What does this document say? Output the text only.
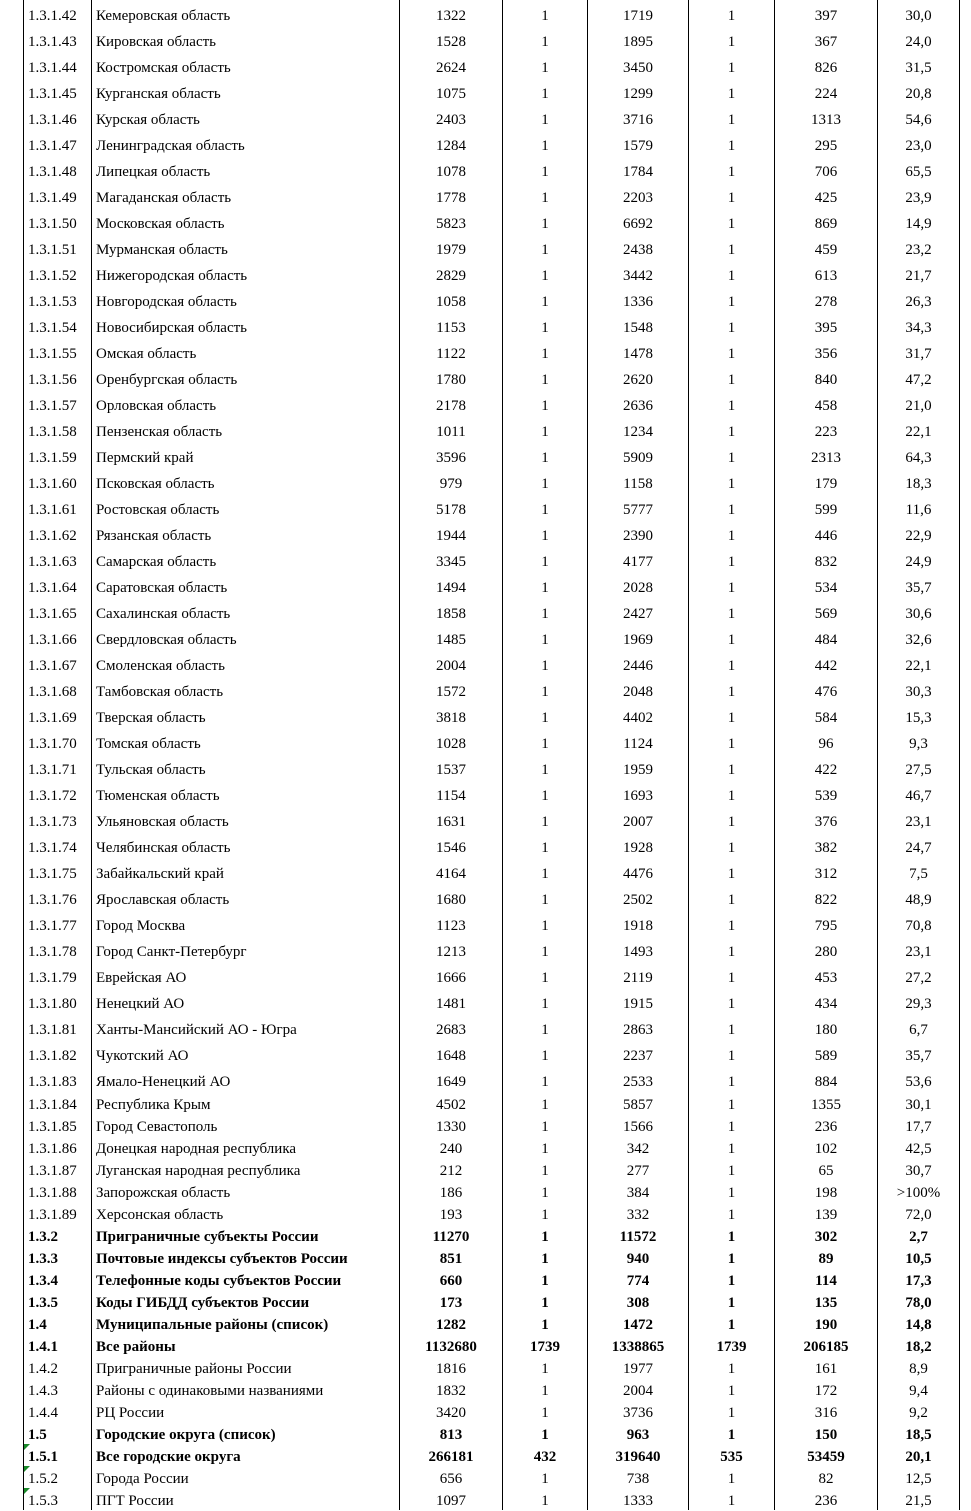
1.3.1.42	Кемеровская область	1322	1	1719	1	397	30,0
1.3.1.43	Кировская область	1528	1	1895	1	367	24,0
1.3.1.44	Костромская область	2624	1	3450	1	826	31,5
1.3.1.45	Курганская область	1075	1	1299	1	224	20,8
1.3.1.46	Курская область	2403	1	3716	1	1313	54,6
1.3.1.47	Ленинградская область	1284	1	1579	1	295	23,0
1.3.1.48	Липецкая область	1078	1	1784	1	706	65,5
1.3.1.49	Магаданская область	1778	1	2203	1	425	23,9
1.3.1.50	Московская область	5823	1	6692	1	869	14,9
1.3.1.51	Мурманская область	1979	1	2438	1	459	23,2
1.3.1.52	Нижегородская область	2829	1	3442	1	613	21,7
1.3.1.53	Новгородская область	1058	1	1336	1	278	26,3
1.3.1.54	Новосибирская область	1153	1	1548	1	395	34,3
1.3.1.55	Омская область	1122	1	1478	1	356	31,7
1.3.1.56	Оренбургская область	1780	1	2620	1	840	47,2
1.3.1.57	Орловская область	2178	1	2636	1	458	21,0
1.3.1.58	Пензенская область	1011	1	1234	1	223	22,1
1.3.1.59	Пермский край	3596	1	5909	1	2313	64,3
1.3.1.60	Псковская область	979	1	1158	1	179	18,3
1.3.1.61	Ростовская область	5178	1	5777	1	599	11,6
1.3.1.62	Рязанская область	1944	1	2390	1	446	22,9
1.3.1.63	Самарская область	3345	1	4177	1	832	24,9
1.3.1.64	Саратовская область	1494	1	2028	1	534	35,7
1.3.1.65	Сахалинская область	1858	1	2427	1	569	30,6
1.3.1.66	Свердловская область	1485	1	1969	1	484	32,6
1.3.1.67	Смоленская область	2004	1	2446	1	442	22,1
1.3.1.68	Тамбовская область	1572	1	2048	1	476	30,3
1.3.1.69	Тверская область	3818	1	4402	1	584	15,3
1.3.1.70	Томская область	1028	1	1124	1	96	9,3
1.3.1.71	Тульская область	1537	1	1959	1	422	27,5
1.3.1.72	Тюменская область	1154	1	1693	1	539	46,7
1.3.1.73	Ульяновская область	1631	1	2007	1	376	23,1
1.3.1.74	Челябинская область	1546	1	1928	1	382	24,7
1.3.1.75	Забайкальский край	4164	1	4476	1	312	7,5
1.3.1.76	Ярославская область	1680	1	2502	1	822	48,9
1.3.1.77	Город Москва	1123	1	1918	1	795	70,8
1.3.1.78	Город Санкт-Петербург	1213	1	1493	1	280	23,1
1.3.1.79	Еврейская АО	1666	1	2119	1	453	27,2
1.3.1.80	Ненецкий АО	1481	1	1915	1	434	29,3
1.3.1.81	Ханты-Мансийский АО - Югра	2683	1	2863	1	180	6,7
1.3.1.82	Чукотский АО	1648	1	2237	1	589	35,7
1.3.1.83	Ямало-Ненецкий АО	1649	1	2533	1	884	53,6
1.3.1.84	Республика Крым	4502	1	5857	1	1355	30,1
1.3.1.85	Город Севастополь	1330	1	1566	1	236	17,7
1.3.1.86	Донецкая народная республика	240	1	342	1	102	42,5
1.3.1.87	Луганская народная республика	212	1	277	1	65	30,7
1.3.1.88	Запорожская область	186	1	384	1	198	>100%
1.3.1.89	Херсонская область	193	1	332	1	139	72,0
1.3.2	Приграничные субъекты России	11270	1	11572	1	302	2,7
1.3.3	Почтовые индексы субъектов России	851	1	940	1	89	10,5
1.3.4	Телефонные коды субъектов России	660	1	774	1	114	17,3
1.3.5	Коды ГИБДД субъектов России	173	1	308	1	135	78,0
1.4	Муниципальные районы (список)	1282	1	1472	1	190	14,8
1.4.1	Все районы	1132680	1739	1338865	1739	206185	18,2
1.4.2	Приграничные районы России	1816	1	1977	1	161	8,9
1.4.3	Районы с одинаковыми названиями	1832	1	2004	1	172	9,4
1.4.4	РЦ России	3420	1	3736	1	316	9,2
1.5	Городские округа (список)	813	1	963	1	150	18,5

1.5.1	Все городские округа	266181	432	319640	535	53459	20,1

1.5.2	Города России	656	1	738	1	82	12,5

1.5.3	ПГТ России	1097	1	1333	1	236	21,5
